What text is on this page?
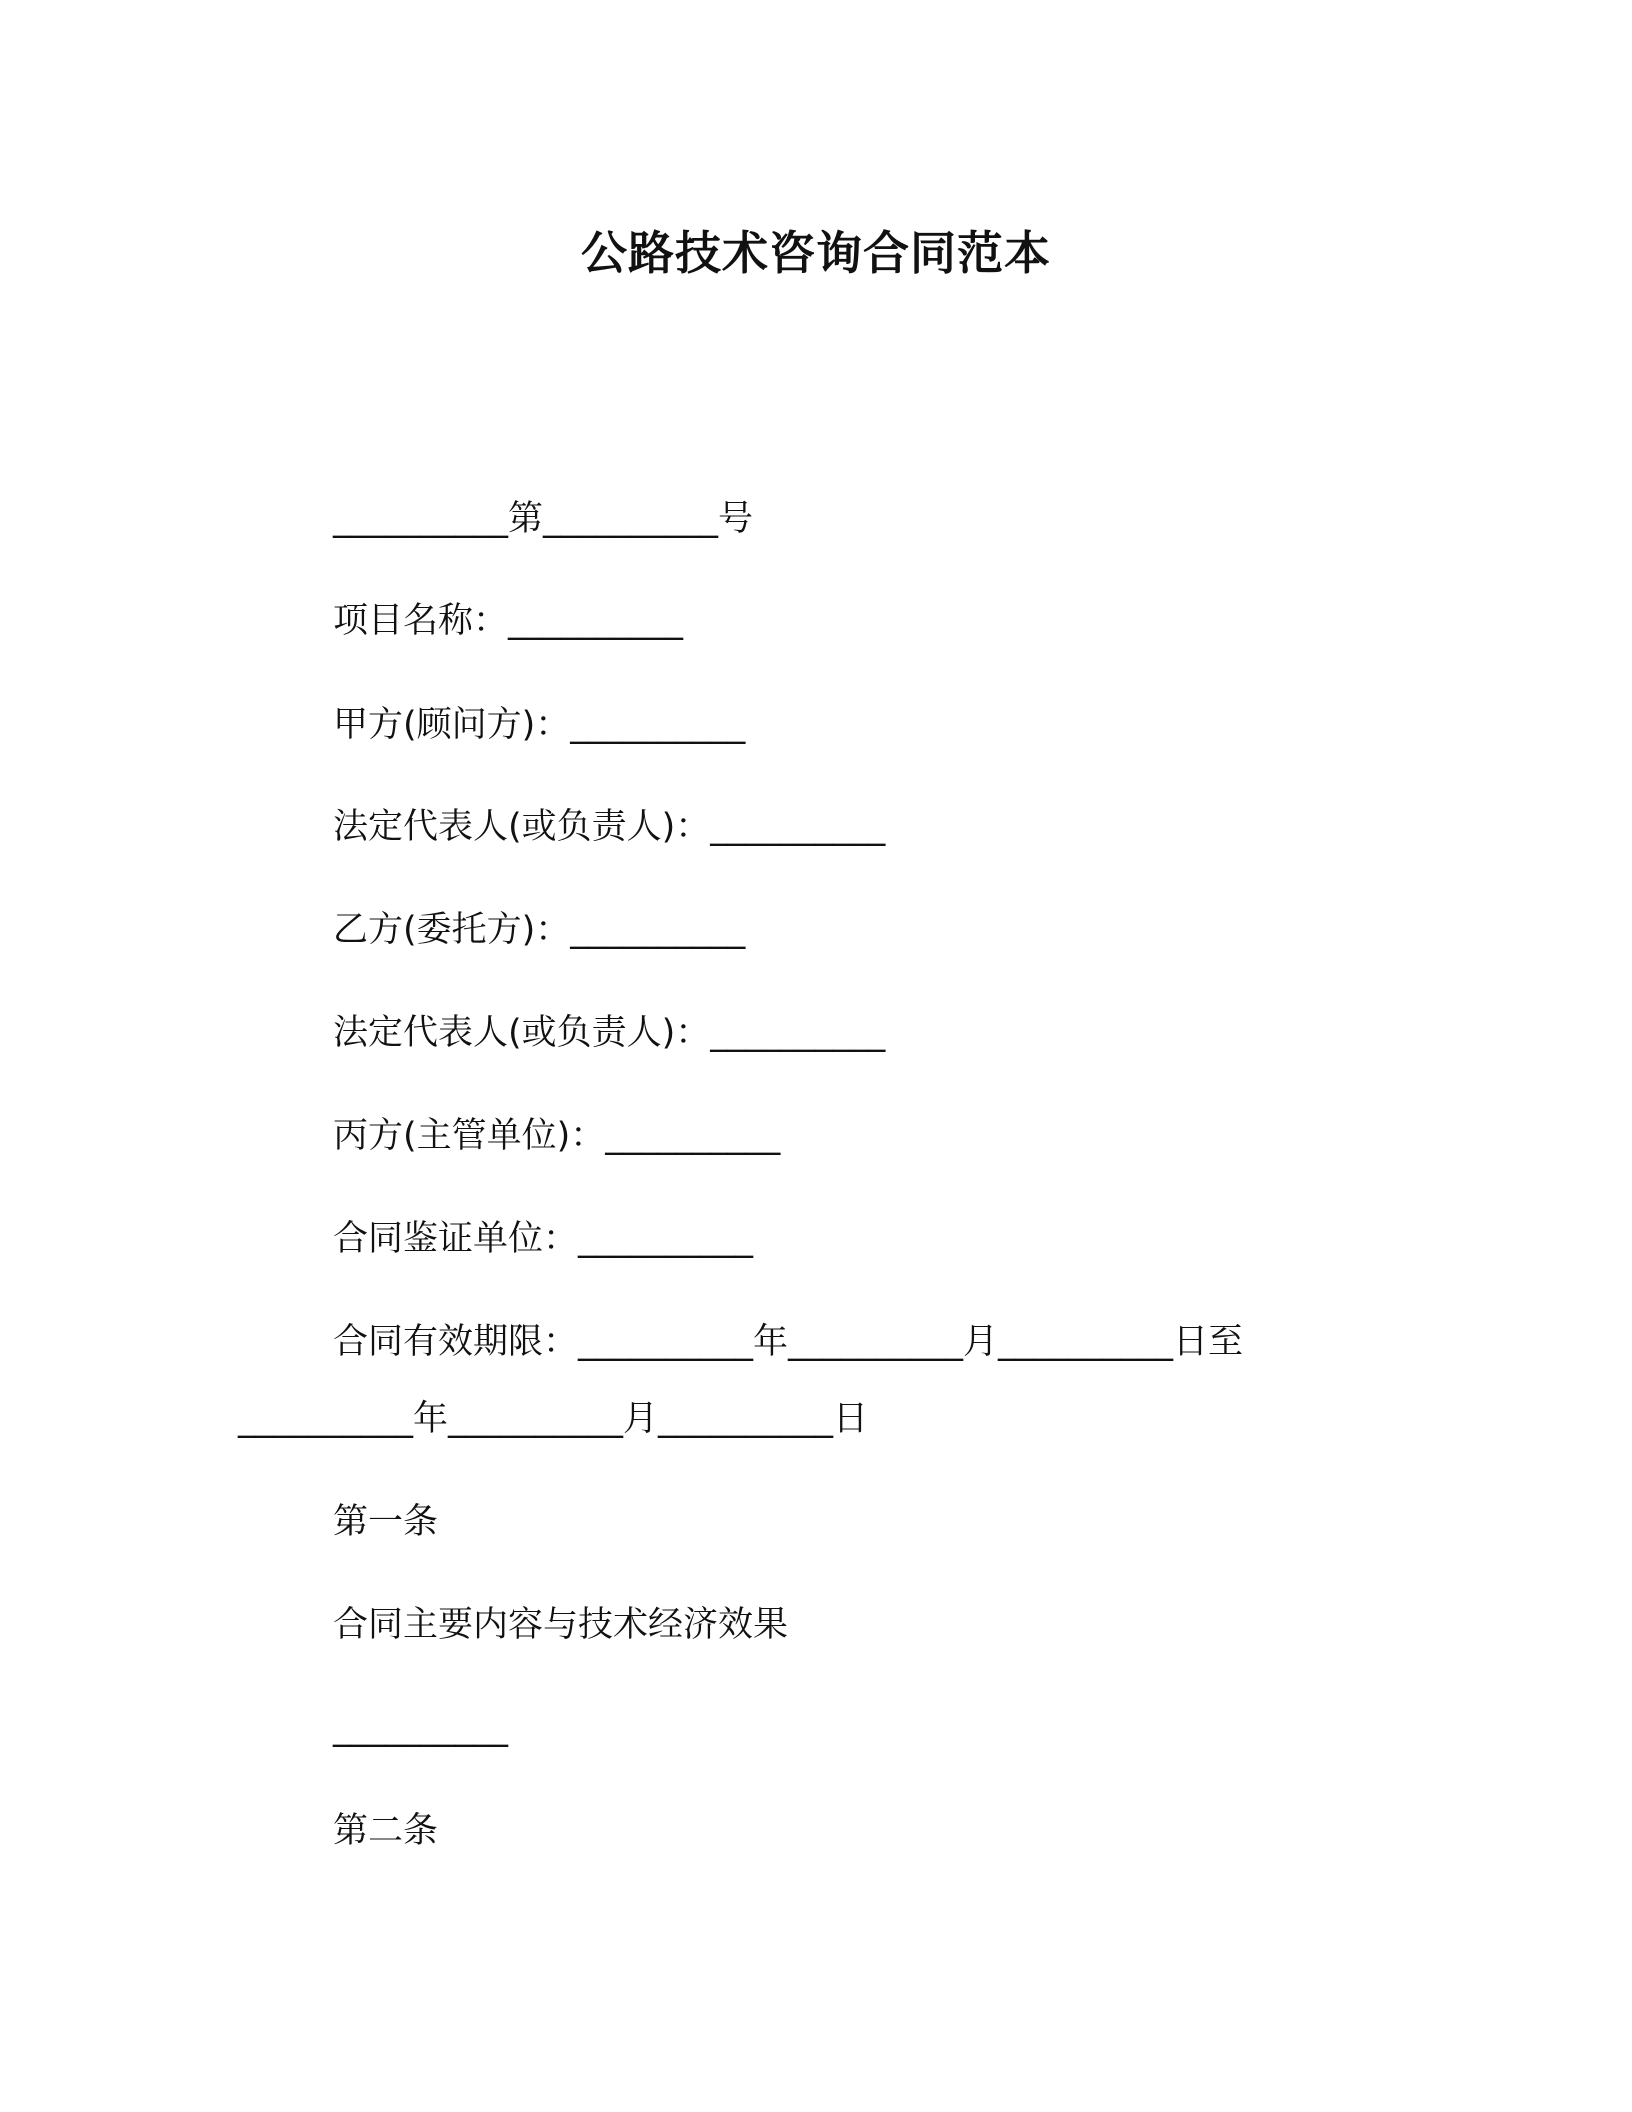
公路技术咨询合同范本
__________第__________号
项目名称：__________
甲方(顾问方)：__________
法定代表人(或负责人)：__________
乙方(委托方)：__________
法定代表人(或负责人)：__________
丙方(主管单位)：__________
合同鉴证单位：__________
合同有效期限：__________年__________月__________日至
__________年__________月__________日
第一条
合同主要内容与技术经济效果
__________
第二条
